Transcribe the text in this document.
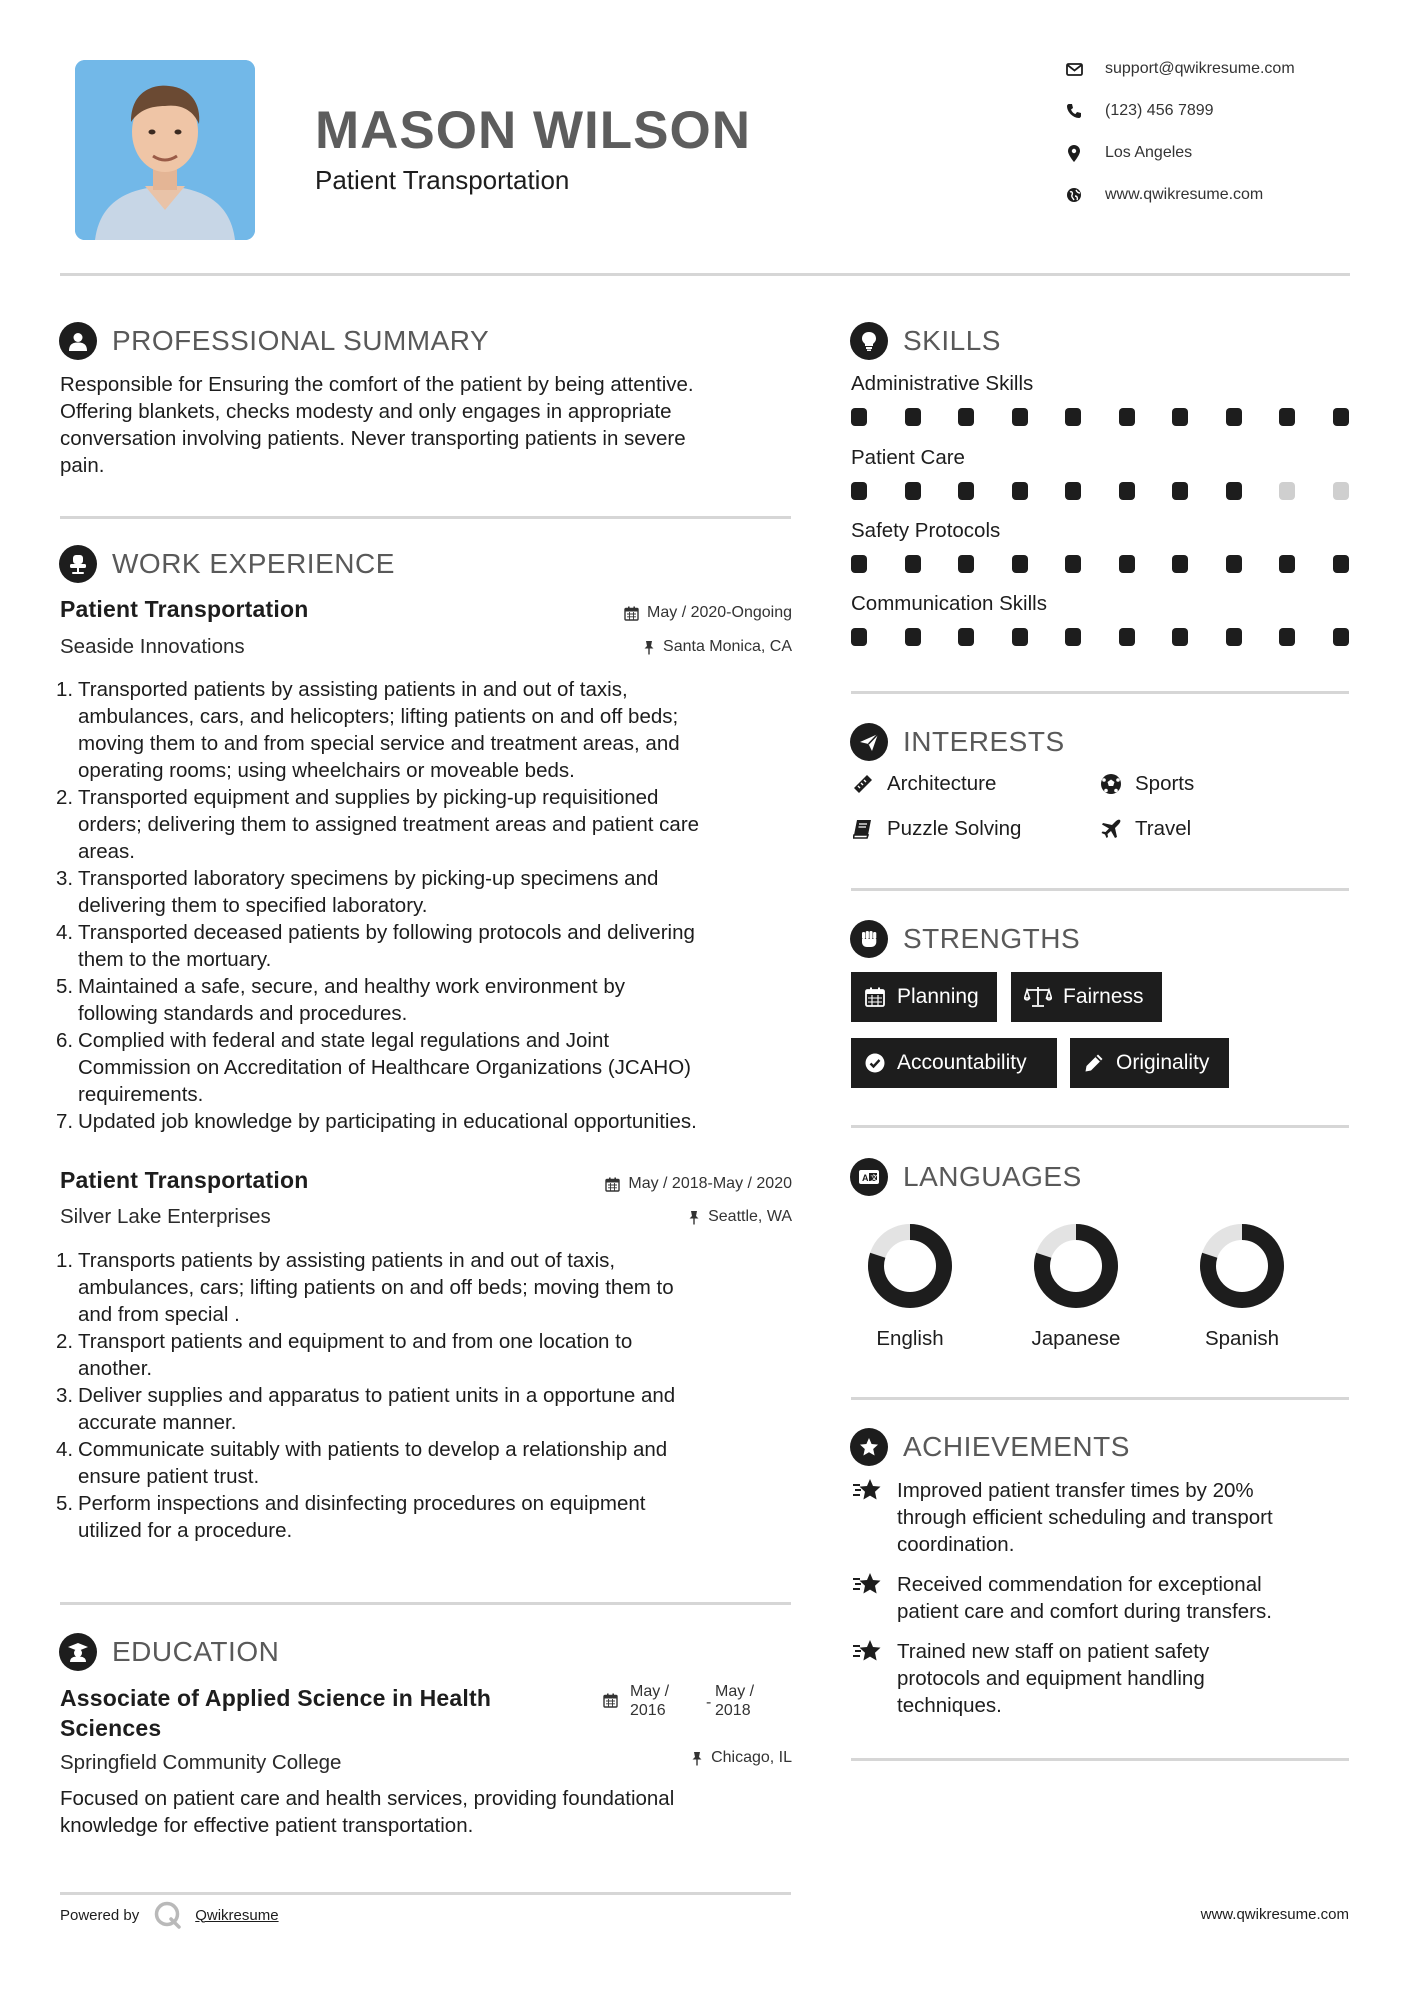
MASON WILSON
Patient Transportation
support@qwikresume.com
(123) 456 7899
Los Angeles
www.qwikresume.com
PROFESSIONAL SUMMARY
Responsible for Ensuring the comfort of the patient by being attentive.
Offering blankets, checks modesty and only engages in appropriate
conversation involving patients. Never transporting patients in severe
pain.
WORK EXPERIENCE
Patient Transportation	May / 2020-Ongoing
Seaside Innovations	Santa Monica, CA
1. Transported patients by assisting patients in and out of taxis,
ambulances, cars, and helicopters; lifting patients on and off beds;
moving them to and from special service and treatment areas, and
operating rooms; using wheelchairs or moveable beds.
2. Transported equipment and supplies by picking-up requisitioned
orders; delivering them to assigned treatment areas and patient care
areas.
3. Transported laboratory specimens by picking-up specimens and
delivering them to specified laboratory.
4. Transported deceased patients by following protocols and delivering
them to the mortuary.
5. Maintained a safe, secure, and healthy work environment by
following standards and procedures.
6. Complied with federal and state legal regulations and Joint
Commission on Accreditation of Healthcare Organizations (JCAHO)
requirements.
7. Updated job knowledge by participating in educational opportunities.
Patient Transportation	May / 2018-May / 2020
Silver Lake Enterprises	Seattle, WA
1. Transports patients by assisting patients in and out of taxis,
ambulances, cars; lifting patients on and off beds; moving them to
and from special .
2. Transport patients and equipment to and from one location to
another.
3. Deliver supplies and apparatus to patient units in a opportune and
accurate manner.
4. Communicate suitably with patients to develop a relationship and
ensure patient trust.
5. Perform inspections and disinfecting procedures on equipment
utilized for a procedure.
EDUCATION
Associate of Applied Science in Health
Sciences
May /
2016	-
May /
2018
Springfield Community College	Chicago, IL
Focused on patient care and health services, providing foundational
knowledge for effective patient transportation.
SKILLS
Administrative Skills
Patient Care
Safety Protocols
Communication Skills
INTERESTS
Architecture	Sports
Puzzle Solving	Travel
STRENGTHS
Planning	Fairness
Accountability	Originality
A 文 LANGUAGES
English	Japanese	Spanish
ACHIEVEMENTS
Improved patient transfer times by 20%
through efficient scheduling and transport
coordination.
Received commendation for exceptional
patient care and comfort during transfers.
Trained new staff on patient safety
protocols and equipment handling
techniques.
Powered by	Qwikresume	www.qwikresume.com
